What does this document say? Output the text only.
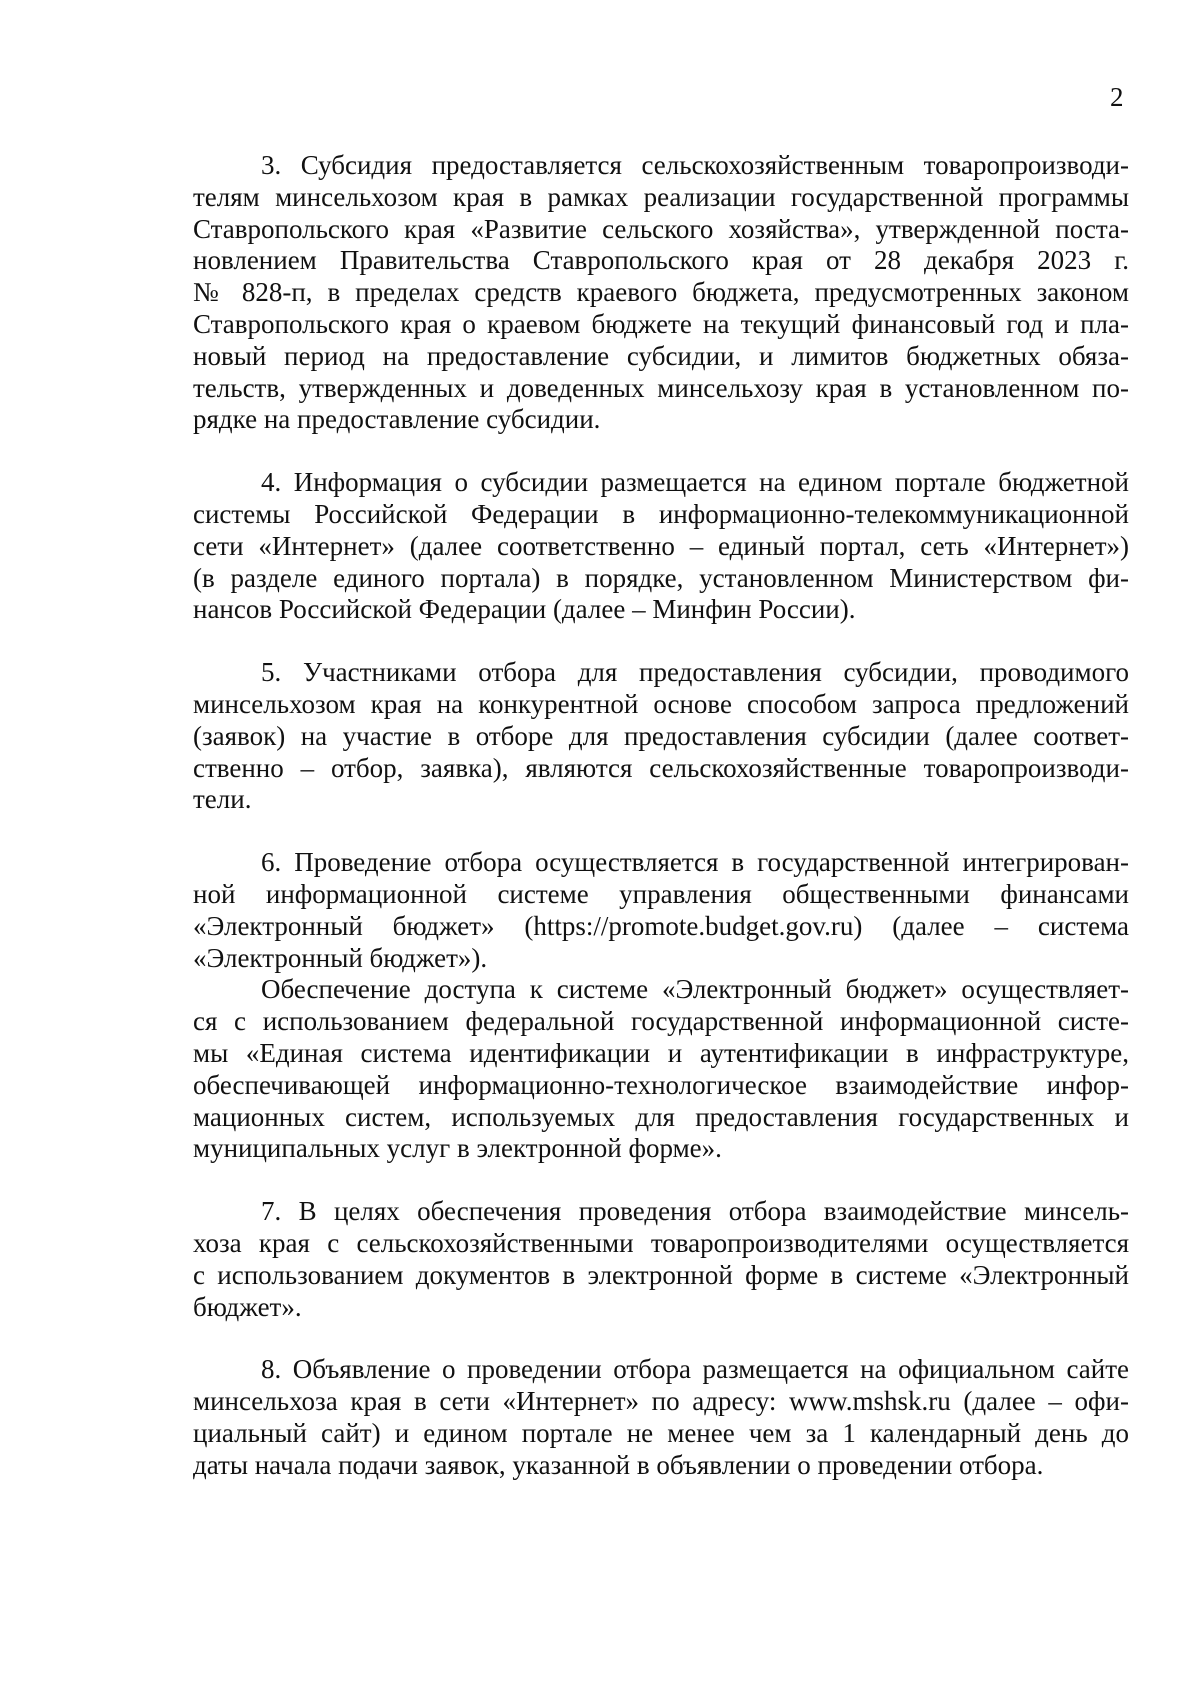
2
3. Субсидия предоставляется сельскохозяйственным товаропроизводи-
телям минсельхозом края в рамках реализации государственной программы
Ставропольского края «Развитие сельского хозяйства», утвержденной поста-
новлением Правительства Ставропольского края от 28 декабря 2023 г.
№ 828-п, в пределах средств краевого бюджета, предусмотренных законом
Ставропольского края о краевом бюджете на текущий финансовый год и пла-
новый период на предоставление субсидии, и лимитов бюджетных обяза-
тельств, утвержденных и доведенных минсельхозу края в установленном по-
рядке на предоставление субсидии.
4. Информация о субсидии размещается на едином портале бюджетной
системы Российской Федерации в информационно-телекоммуникационной
сети «Интернет» (далее соответственно – единый портал, сеть «Интернет»)
(в разделе единого портала) в порядке, установленном Министерством фи-
нансов Российской Федерации (далее – Минфин России).
5. Участниками отбора для предоставления субсидии, проводимого
минсельхозом края на конкурентной основе способом запроса предложений
(заявок) на участие в отборе для предоставления субсидии (далее соответ-
ственно – отбор, заявка), являются сельскохозяйственные товаропроизводи-
тели.
6. Проведение отбора осуществляется в государственной интегрирован-
ной информационной системе управления общественными финансами
«Электронный бюджет» (https://promote.budget.gov.ru) (далее – система
«Электронный бюджет»).
Обеспечение доступа к системе «Электронный бюджет» осуществляет-
ся с использованием федеральной государственной информационной систе-
мы «Единая система идентификации и аутентификации в инфраструктуре,
обеспечивающей информационно-технологическое взаимодействие инфор-
мационных систем, используемых для предоставления государственных и
муниципальных услуг в электронной форме».
7. В целях обеспечения проведения отбора взаимодействие минсель-
хоза края с сельскохозяйственными товаропроизводителями осуществляется
с использованием документов в электронной форме в системе «Электронный
бюджет».
8. Объявление о проведении отбора размещается на официальном сайте
минсельхоза края в сети «Интернет» по адресу: www.mshsk.ru (далее – офи-
циальный сайт) и едином портале не менее чем за 1 календарный день до
даты начала подачи заявок, указанной в объявлении о проведении отбора.
